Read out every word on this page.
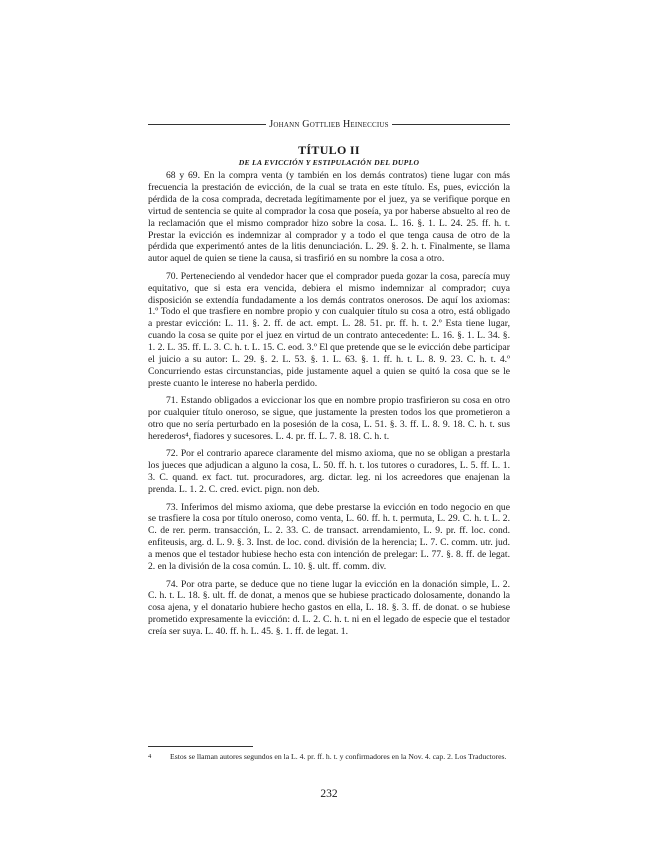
Johann Gottlieb Heineccius
TÍTULO II
DE LA EVICCIÓN Y ESTIPULACIÓN DEL DUPLO

68 y 69. En la compra venta (y también en los demás contratos) tiene lugar con más frecuencia la prestación de evicción, de la cual se trata en este título. Es, pues, evicción la pérdida de la cosa comprada, decretada legítimamente por el juez, ya se verifique porque en virtud de sentencia se quite al comprador la cosa que poseía, ya por haberse absuelto al reo de la reclamación que el mismo comprador hizo sobre la cosa. L. 16. §. 1. L. 24. 25. ff. h. t. Prestar la evicción es indemnizar al comprador y a todo el que tenga causa de otro de la pérdida que experimentó antes de la litis denunciación. L. 29. §. 2. h. t. Finalmente, se llama autor aquel de quien se tiene la causa, si trasfirió en su nombre la cosa a otro.

70. Perteneciendo al vendedor hacer que el comprador pueda gozar la cosa, parecía muy equitativo, que si esta era vencida, debiera el mismo indemnizar al comprador; cuya disposición se extendía fundadamente a los demás contratos onerosos. De aquí los axiomas: 1.º Todo el que trasfiere en nombre propio y con cualquier título su cosa a otro, está obligado a prestar evicción: L. 11. §. 2. ff. de act. empt. L. 28. 51. pr. ff. h. t. 2.º Esta tiene lugar, cuando la cosa se quite por el juez en virtud de un contrato antecedente: L. 16. §. 1. L. 34. §. 1. 2. L. 35. ff. L. 3. C. h. t. L. 15. C. eod. 3.º El que pretende que se le evicción debe participar el juicio a su autor: L. 29. §. 2. L. 53. §. 1. L. 63. §. 1. ff. h. t. L. 8. 9. 23. C. h. t. 4.º Concurriendo estas circunstancias, pide justamente aquel a quien se quitó la cosa que se le preste cuanto le interese no haberla perdido.

71. Estando obligados a eviccionar los que en nombre propio trasfirieron su cosa en otro por cualquier título oneroso, se sigue, que justamente la presten todos los que prometieron a otro que no sería perturbado en la posesión de la cosa, L. 51. §. 3. ff. L. 8. 9. 18. C. h. t. sus herederos⁴, fiadores y sucesores. L. 4. pr. ff. L. 7. 8. 18. C. h. t.

72. Por el contrario aparece claramente del mismo axioma, que no se obligan a prestarla los jueces que adjudican a alguno la cosa, L. 50. ff. h. t. los tutores o curadores, L. 5. ff. L. 1. 3. C. quand. ex fact. tut. procuradores, arg. dictar. leg. ni los acreedores que enajenan la prenda. L. 1. 2. C. cred. evict. pign. non deb.

73. Inferimos del mismo axioma, que debe prestarse la evicción en todo negocio en que se trasfiere la cosa por título oneroso, como venta, L. 60. ff. h. t. permuta, L. 29. C. h. t. L. 2. C. de rer. perm. transacción, L. 2. 33. C. de transact. arrendamiento, L. 9. pr. ff. loc. cond. enfiteusis, arg. d. L. 9. §. 3. Inst. de loc. cond. división de la herencia; L. 7. C. comm. utr. jud. a menos que el testador hubiese hecho esta con intención de prelegar: L. 77. §. 8. ff. de legat. 2. en la división de la cosa común. L. 10. §. ult. ff. comm. div.

74. Por otra parte, se deduce que no tiene lugar la evicción en la donación simple, L. 2. C. h. t. L. 18. §. ult. ff. de donat, a menos que se hubiese practicado dolosamente, donando la cosa ajena, y el donatario hubiere hecho gastos en ella, L. 18. §. 3. ff. de donat. o se hubiese prometido expresamente la evicción: d. L. 2. C. h. t. ni en el legado de especie que el testador creía ser suya. L. 40. ff. h. L. 45. §. 1. ff. de legat. 1.

4	Estos se llaman autores segundos en la L. 4. pr. ff. h. t. y confirmadores en la Nov. 4. cap. 2. Los Traductores.
232
